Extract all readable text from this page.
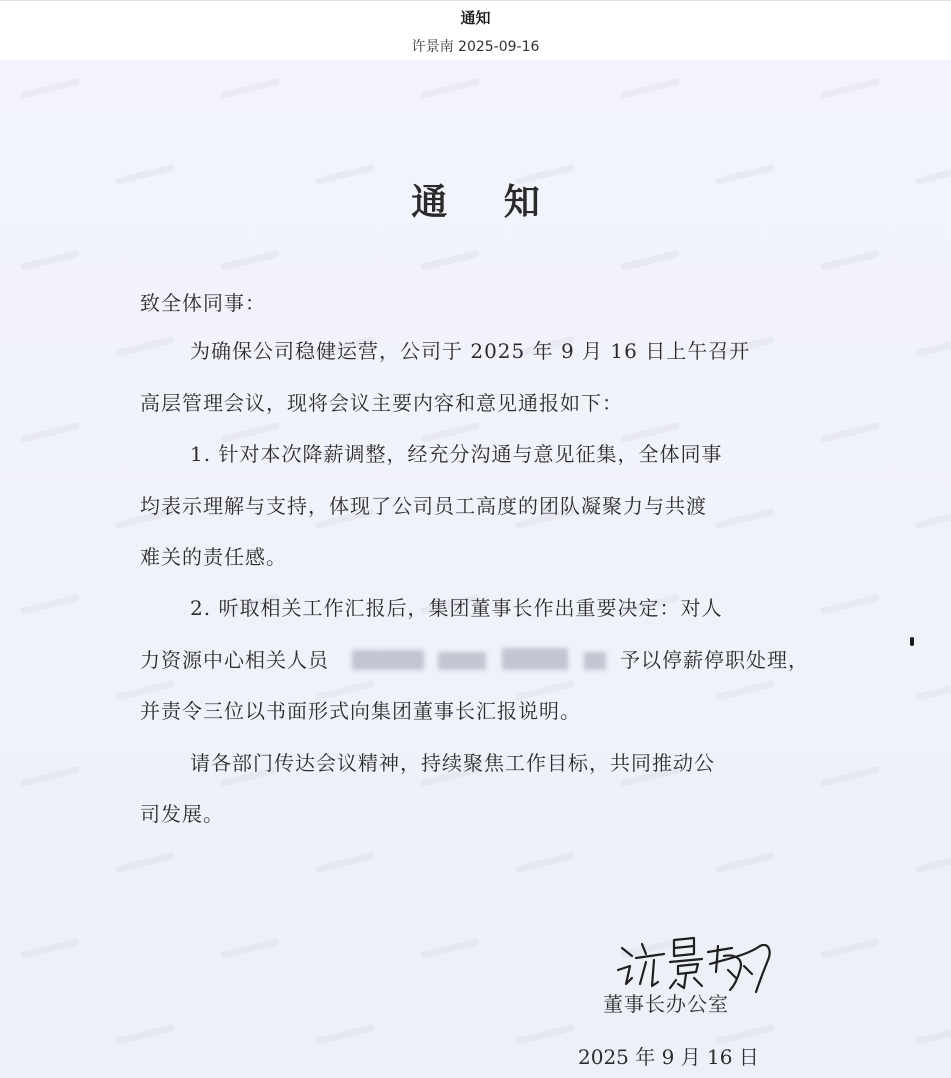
通知
许景南 2025-09-16
通 知
致全体同事：
为确保公司稳健运营，公司于 2025 年 9 月 16 日上午召开
高层管理会议，现将会议主要内容和意见通报如下：
1. 针对本次降薪调整，经充分沟通与意见征集，全体同事
均表示理解与支持，体现了公司员工高度的团队凝聚力与共渡
难关的责任感。
2. 听取相关工作汇报后，集团董事长作出重要决定：对人
力资源中心相关人员	予以停薪停职处理，
并责令三位以书面形式向集团董事长汇报说明。
请各部门传达会议精神，持续聚焦工作目标，共同推动公
司发展。
董事长办公室
2025 年 9 月 16 日
